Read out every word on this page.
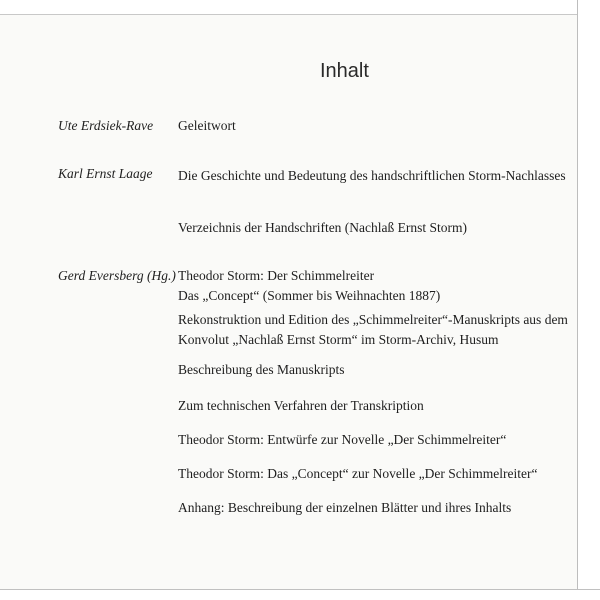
Inhalt
Ute Erdsiek-Rave Geleitwort
Karl Ernst Laage Die Geschichte und Bedeutung des handschriftlichen Storm-Nachlasses
Verzeichnis der Handschriften (Nachlaß Ernst Storm)
Gerd Eversberg (Hg.) Theodor Storm: Der Schimmelreiter
Das „Concept“ (Sommer bis Weihnachten 1887)
Rekonstruktion und Edition des „Schimmelreiter“-Manuskripts aus dem
Konvolut „Nachlaß Ernst Storm“ im Storm-Archiv, Husum
Beschreibung des Manuskripts
Zum technischen Verfahren der Transkription
Theodor Storm: Entwürfe zur Novelle „Der Schimmelreiter“
Theodor Storm: Das „Concept“ zur Novelle „Der Schimmelreiter“
Anhang: Beschreibung der einzelnen Blätter und ihres Inhalts
